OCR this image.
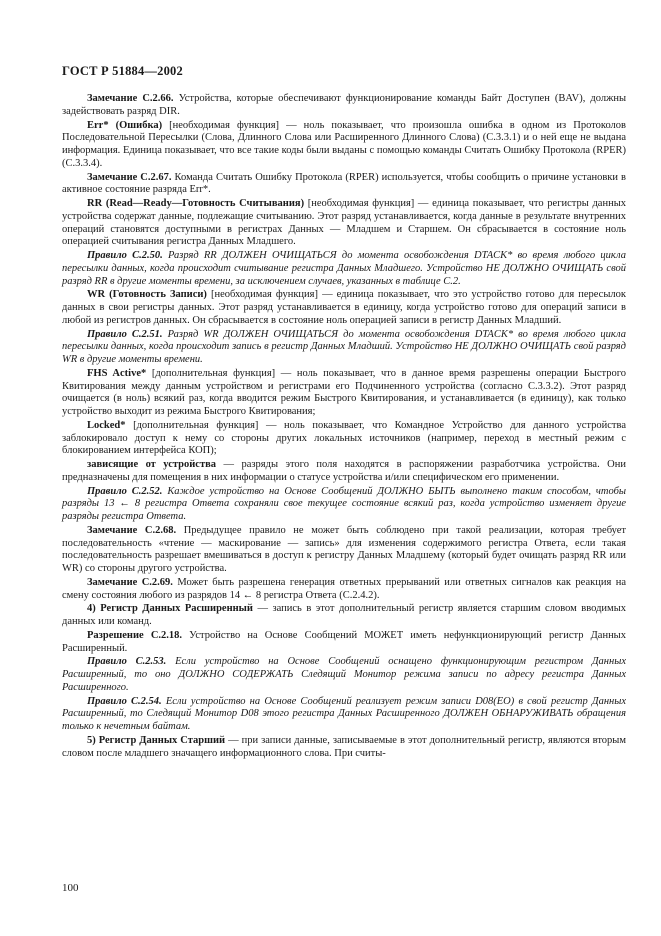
ГОСТ Р 51884—2002

Замечание С.2.66. Устройства, которые обеспечивают функционирование команды Байт Доступен (BAV), должны задействовать разряд DIR.

Err* (Ошибка) [необходимая функция] — ноль показывает, что произошла ошибка в одном из Протоколов Последовательной Пересылки (Слова, Длинного Слова или Расширенного Длинного Слова) (С.3.3.1) и о ней еще не выдана информация. Единица показывает, что все такие коды были выданы с помощью команды Считать Ошибку Протокола (RPER) (С.3.3.4).

Замечание С.2.67. Команда Считать Ошибку Протокола (RPER) используется, чтобы сообщить о причине установки в активное состояние разряда Err*.

RR (Read—Ready—Готовность Считывания) [необходимая функция] — единица показывает, что регистры данных устройства содержат данные, подлежащие считыванию. Этот разряд устанавливается, когда данные в результате внутренних операций становятся доступными в регистрах Данных — Младшем и Старшем. Он сбрасывается в состояние ноль операцией считывания регистра Данных Младшего.

Правило С.2.50. Разряд RR ДОЛЖЕН ОЧИЩАТЬСЯ до момента освобождения DTACK* во время любого цикла пересылки данных, когда происходит считывание регистра Данных Младшего. Устройство НЕ ДОЛЖНО ОЧИЩАТЬ свой разряд RR в другие моменты времени, за исключением случаев, указанных в таблице С.2.

WR (Готовность Записи) [необходимая функция] — единица показывает, что это устройство готово для пересылок данных в свои регистры данных. Этот разряд устанавливается в единицу, когда устройство готово для операций записи в любой из регистров данных. Он сбрасывается в состояние ноль операцией записи в регистр Данных Младший.

Правило С.2.51. Разряд WR ДОЛЖЕН ОЧИЩАТЬСЯ до момента освобождения DTACK* во время любого цикла пересылки данных, когда происходит запись в регистр Данных Младший. Устройство НЕ ДОЛЖНО ОЧИЩАТЬ свой разряд WR в другие моменты времени.

FHS Active* [дополнительная функция] — ноль показывает, что в данное время разрешены операции Быстрого Квитирования между данным устройством и регистрами его Подчиненного устройства (согласно С.3.3.2). Этот разряд очищается (в ноль) всякий раз, когда вводится режим Быстрого Квитирования, и устанавливается (в единицу), как только устройство выходит из режима Быстрого Квитирования;

Locked* [дополнительная функция] — ноль показывает, что Командное Устройство для данного устройства заблокировало доступ к нему со стороны других локальных источников (например, переход в местный режим с блокированием интерфейса КОП);

зависящие от устройства — разряды этого поля находятся в распоряжении разработчика устройства. Они предназначены для помещения в них информации о статусе устройства и/или специфическом его применении.

Правило С.2.52. Каждое устройство на Основе Сообщений ДОЛЖНО БЫТЬ выполнено таким способом, чтобы разряды 13 ← 8 регистра Ответа сохраняли свое текущее состояние всякий раз, когда устройство изменяет другие разряды регистра Ответа.

Замечание С.2.68. Предыдущее правило не может быть соблюдено при такой реализации, которая требует последовательность «чтение — маскирование — запись» для изменения содержимого регистра Ответа, если такая последовательность разрешает вмешиваться в доступ к регистру Данных Младшему (который будет очищать разряд RR или WR) со стороны другого устройства.

Замечание С.2.69. Может быть разрешена генерация ответных прерываний или ответных сигналов как реакция на смену состояния любого из разрядов 14 ← 8 регистра Ответа (С.2.4.2).

4) Регистр Данных Расширенный — запись в этот дополнительный регистр является старшим словом вводимых данных или команд.

Разрешение С.2.18. Устройство на Основе Сообщений МОЖЕТ иметь нефункционирующий регистр Данных Расширенный.

Правило С.2.53. Если устройство на Основе Сообщений оснащено функционирующим регистром Данных Расширенный, то оно ДОЛЖНО СОДЕРЖАТЬ Следящий Монитор режима записи по адресу регистра Данных Расширенного.

Правило С.2.54. Если устройство на Основе Сообщений реализует режим записи D08(EO) в свой регистр Данных Расширенный, то Следящий Монитор D08 этого регистра Данных Расширенного ДОЛЖЕН ОБНАРУЖИВАТЬ обращения только к нечетным байтам.

5) Регистр Данных Старший — при записи данные, записываемые в этот дополнительный регистр, являются вторым словом после младшего значащего информационного слова. При считы-

100
